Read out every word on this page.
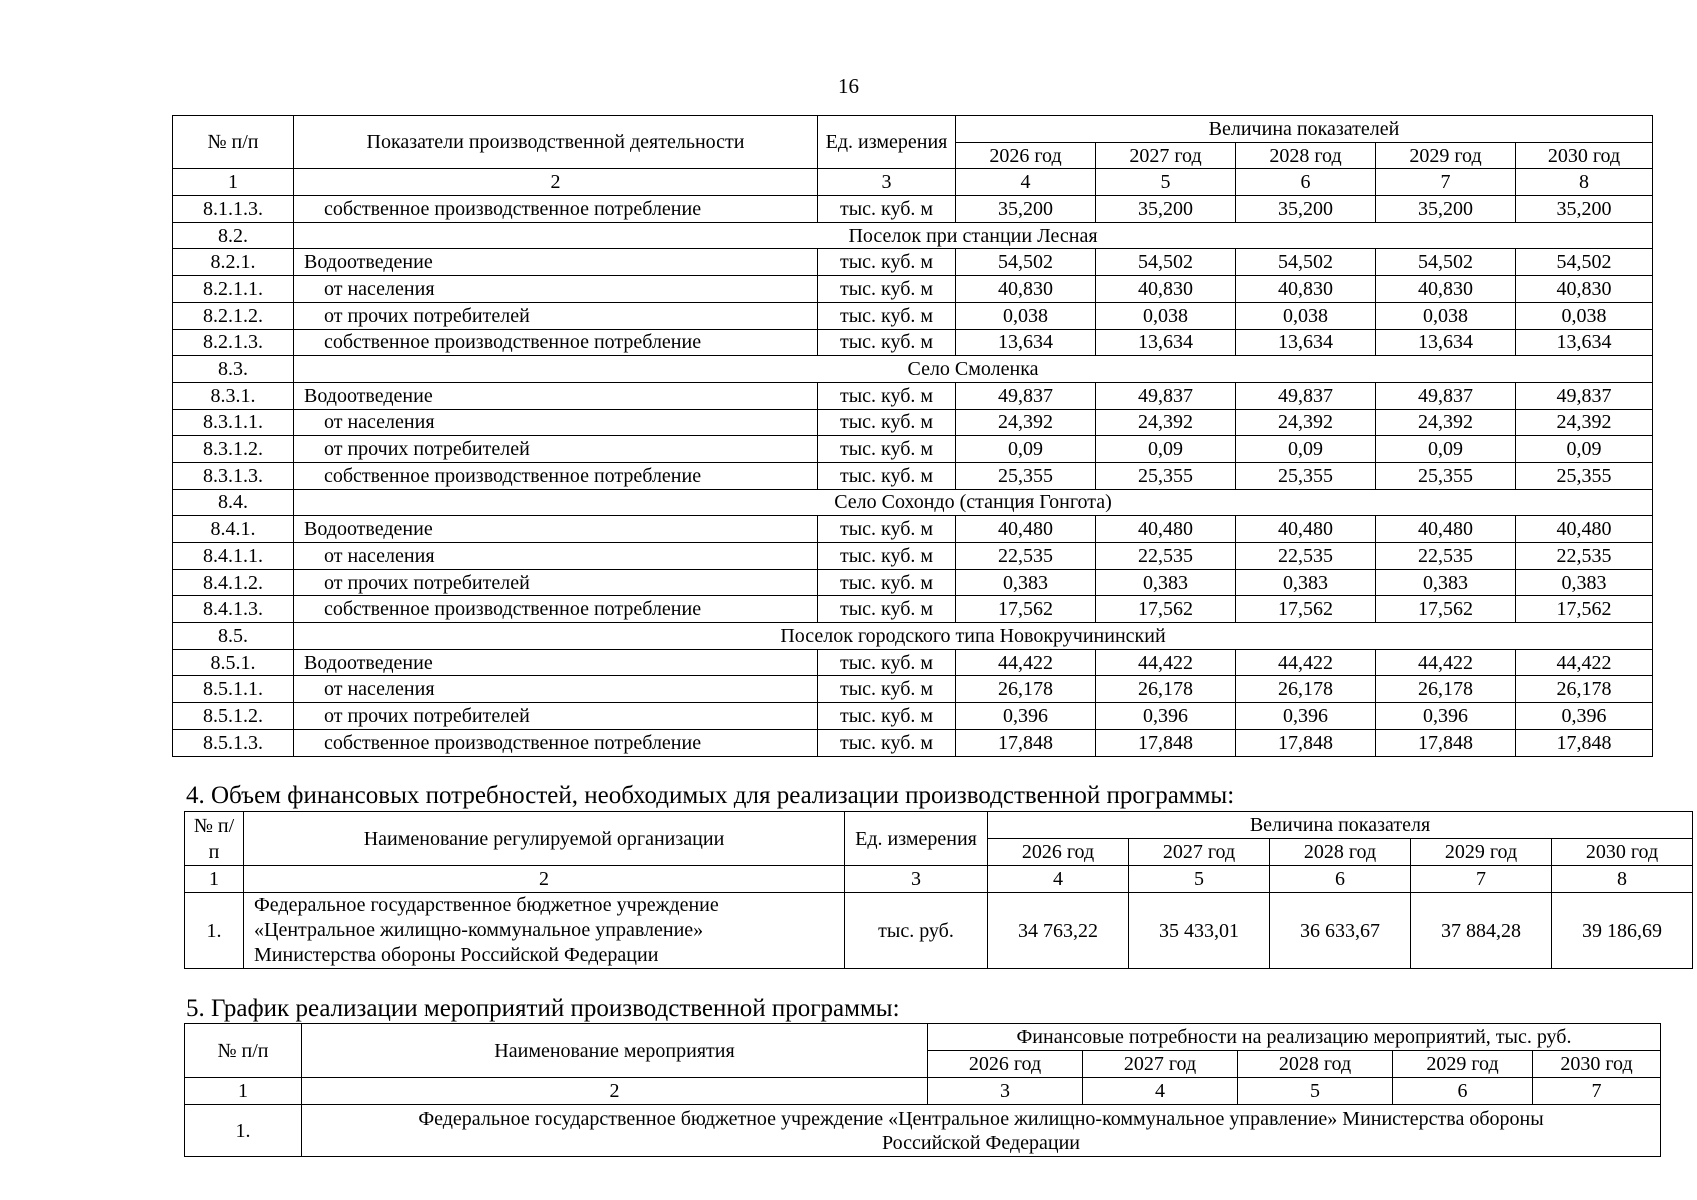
16
№ п/п	Показатели производственной деятельности	Ед. измерения	Величина показателей				
			2026 год	2027 год	2028 год	2029 год	2030 год
1	2	3	4	5	6	7	8
8.1.1.3.	собственное производственное потребление	тыс. куб. м	35,200	35,200	35,200	35,200	35,200
8.2.	Поселок при станции Лесная						
8.2.1.	Водоотведение	тыс. куб. м	54,502	54,502	54,502	54,502	54,502
8.2.1.1.	от населения	тыс. куб. м	40,830	40,830	40,830	40,830	40,830
8.2.1.2.	от прочих потребителей	тыс. куб. м	0,038	0,038	0,038	0,038	0,038
8.2.1.3.	собственное производственное потребление	тыс. куб. м	13,634	13,634	13,634	13,634	13,634
8.3.	Село Смоленка						
8.3.1.	Водоотведение	тыс. куб. м	49,837	49,837	49,837	49,837	49,837
8.3.1.1.	от населения	тыс. куб. м	24,392	24,392	24,392	24,392	24,392
8.3.1.2.	от прочих потребителей	тыс. куб. м	0,09	0,09	0,09	0,09	0,09
8.3.1.3.	собственное производственное потребление	тыс. куб. м	25,355	25,355	25,355	25,355	25,355
8.4.	Село Сохондо (станция Гонгота)						
8.4.1.	Водоотведение	тыс. куб. м	40,480	40,480	40,480	40,480	40,480
8.4.1.1.	от населения	тыс. куб. м	22,535	22,535	22,535	22,535	22,535
8.4.1.2.	от прочих потребителей	тыс. куб. м	0,383	0,383	0,383	0,383	0,383
8.4.1.3.	собственное производственное потребление	тыс. куб. м	17,562	17,562	17,562	17,562	17,562
8.5.	Поселок городского типа Новокручининский						
8.5.1.	Водоотведение	тыс. куб. м	44,422	44,422	44,422	44,422	44,422
8.5.1.1.	от населения	тыс. куб. м	26,178	26,178	26,178	26,178	26,178
8.5.1.2.	от прочих потребителей	тыс. куб. м	0,396	0,396	0,396	0,396	0,396
8.5.1.3.	собственное производственное потребление	тыс. куб. м	17,848	17,848	17,848	17,848	17,848
4. Объем финансовых потребностей, необходимых для реализации производственной программы:
№ п/п	Наименование регулируемой организации	Ед. измерения	Величина показателя				
			2026 год	2027 год	2028 год	2029 год	2030 год
1	2	3	4	5	6	7	8
1.	Федеральное государственное бюджетное учреждение
«Центральное жилищно-коммунальное управление»
Министерства обороны Российской Федерации	тыс. руб.	34 763,22	35 433,01	36 633,67	37 884,28	39 186,69
5. График реализации мероприятий производственной программы:
№ п/п	Наименование мероприятия	Финансовые потребности на реализацию мероприятий, тыс. руб.				
		2026 год	2027 год	2028 год	2029 год	2030 год
1	2	3	4	5	6	7
1.	Федеральное государственное бюджетное учреждение «Центральное жилищно-коммунальное управление» Министерства обороны
Российской Федерации					
